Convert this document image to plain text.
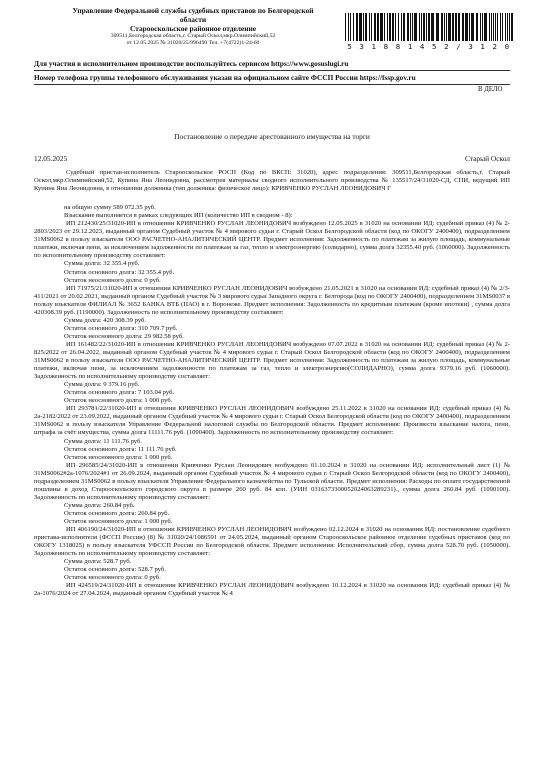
Управление Федеральной службы судебных приставов по Белгородской
области
Старооскольское районное отделение
309511,Белгородская область,г. Старый Оскол,мкр.Олимпийский,52
от 12.05.2025 № 31020/25/996490 Тел. +7(4722)1-24-60	5 3 1 8 8 1 4 5 2 / 3 1 2 0
Для участия в исполнительном производстве воспользуйтесь сервисом https://www.gosuslugi.ru
Номер телефона группы телефонного обслуживания указан на официальном сайте ФССП России https://fssp.gov.ru
В ДЕЛО
Постановление о передаче арестованного имущества на торги
12.05.2025	Старый Оскол

Судебный пристав-исполнитель Старооскольское РОСП (Код по ВКСП: 31020), адрес подразделения: 309511,Белгородская область,г. Старый Оскол,мкр.Олимпийский,52, Купина Яна Леонидовна, рассмотрев материалы сводного исполнительного производства № 135517/24/31020-СД, СПИ, ведущий ИП Купина Яна Леонидовна, в отношении должника (тип должника: физическое лицо): КРИВЧЕНКО РУСЛАН ЛЕОНИДОВИЧ Г

на общую сумму 589 072.35 руб.

Взыскание выполняется в рамках следующих ИП (количество ИП в сводном - 8):

ИП 212430/25/31020-ИП в отношении КРИВЧЕНКО РУСЛАН ЛЕОНИДОВИЧ возбуждено 12.05.2025 в 31020 на основании ИД: судебный приказ (4) № 2-2803/2023 от 29.12.2023, выданный органом Судебный участок № 4 мирового судьи г. Старый Оскол Белгородской области (код по ОКОГУ 2400400), подразделением 31MS0062 в пользу взыскателя ООО РАСЧЕТНО-АНАЛИТИЧЕСКИЙ ЦЕНТР. Предмет исполнения: Задолженность по платежам за жилую площадь, коммунальные платежи, включая пени, за исключением задолженности по платежам за газ, тепло и электроэнергию (солидарно), сумма долга 32355.40 руб. (1060000). Задолженность по исполнительному производству составляет:

Сумма долга: 32 355.4 руб.

Остаток основного долга: 32 355.4 руб.

Остаток неосновного долга: 0 руб.

ИП 71975/21/31020-ИП в отношении КРИВЧЕНКО РУСЛАН ЛЕОНИДОВИЧ возбуждено 21.05.2021 в 31020 на основании ИД: судебный приказ (4) № 2/3-411/2021 от 20.02.2021, выданный органом Судебный участок № 3 мирового судьи Западного округа г. Белгорода (код по ОКОГУ 2400400), подразделением 31MS0037 в пользу взыскателя ФИЛИАЛ № 3652 БАНКА ВТБ (ПАО) в г. Воронеже. Предмет исполнения: Задолженность по кредитным платежам (кроме ипотеки) , сумма долга 420308.39 руб. (1190000). Задолженность по исполнительному производству составляет:

Сумма долга: 420 308.39 руб.

Остаток основного долга: 310 709.7 руб.

Остаток неосновного долга: 29 982.58 руб.

ИП 161482/22/31020-ИП в отношении КРИВЧЕНКО РУСЛАН ЛЕОНИДОВИЧ возбуждено 07.07.2022 в 31020 на основании ИД: судебный приказ (4) № 2-825/2022 от 26.04.2022, выданный органом Судебный участок № 4 мирового судьи г. Старый Оскол Белгородской области (код по ОКОГУ 2400400), подразделением 31MS0062 в пользу взыскателя ООО РАСЧЕТНО-АНАЛИТИЧЕСКИЙ ЦЕНТР. Предмет исполнения: Задолженность по платежам за жилую площадь, коммунальные платежи, включая пени, за исключением задолженности по платежам за газ, тепло и электроэнергию(СОЛИДАРНО), сумма долга 9379.16 руб. (1060000). Задолженность по исполнительному производству составляет:

Сумма долга: 9 379.16 руб.

Остаток основного долга: 7 103.04 руб.

Остаток неосновного долга: 1 000 руб.

ИП 293781/22/31020-ИП в отношении КРИВЧЕНКО РУСЛАН ЛЕОНИДОВИЧ возбуждено 25.11.2022 в 31020 на основании ИД: судебный приказ (4) № 2а-2182/2022 от 23.09.2022, выданный органом Судебный участок № 4 мирового судьи г. Старый Оскол Белгородской области (код по ОКОГУ 2400400), подразделением 31MS0062 в пользу взыскателя Управление Федеральной налоговой службы по Белгородской области. Предмет исполнения: Произвести взыскание налога, пени, штрафа за счёт имущества, сумма долга 11111.76 руб. (1090400). Задолженность по исполнительному производству составляет:

Сумма долга: 11 111.76 руб.

Остаток основного долга: 11 111.76 руб.

Остаток неосновного долга: 1 000 руб.

ИП 296585/24/31020-ИП в отношении Кривченко Руслан Леонидович возбуждено 01.10.2024 в 31020 на основании ИД: исполнительный лист (1) № 31MS0062#2а-1076/2024#1 от 26.09.2024, выданный органом Судебный участок № 4 мирового судьи г. Старый Оскол Белгородской области (код по ОКОГУ 2400400), подразделением 31MS0062 в пользу взыскателя Управление Федерального казначейства по Тульской области. Предмет исполнения: Расходы по оплате государственной пошлины в доход Старооскольского городского округа в размере 260 руб. 84 коп. (УИН 0316373300052024063289231)., сумма долга 260.84 руб. (1090100). Задолженность по исполнительному производству составляет:

Сумма долга: 260.84 руб.

Остаток основного долга: 260.84 руб.

Остаток неосновного долга: 1 000 руб.

ИП 406190/24/31020-ИП в отношении КРИВЧЕНКО РУСЛАН ЛЕОНИДОВИЧ возбуждено 02.12.2024 в 31020 на основании ИД: постановление судебного пристава-исполнителя (ФССП России) (8) № 31020/24/1086591 от 24.05.2024, выданный органом Старооскольское районное отделение судебных приставов (код по ОКОГУ 1318025) в пользу взыскателя УФССП России по Белгородской области. Предмет исполнения: Исполнительский сбор, сумма долга 528.70 руб. (1050000). Задолженность по исполнительному производству составляет:

Сумма долга: 528.7 руб.

Остаток основного долга: 528.7 руб.

Остаток неосновного долга: 0 руб.

ИП 424519/24/31020-ИП в отношении КРИВЧЕНКО РУСЛАН ЛЕОНИДОВИЧ возбуждено 10.12.2024 в 31020 на основании ИД: судебный приказ (4) № 2а-1076/2024 от 27.04.2024, выданный органом Судебный участок № 4
